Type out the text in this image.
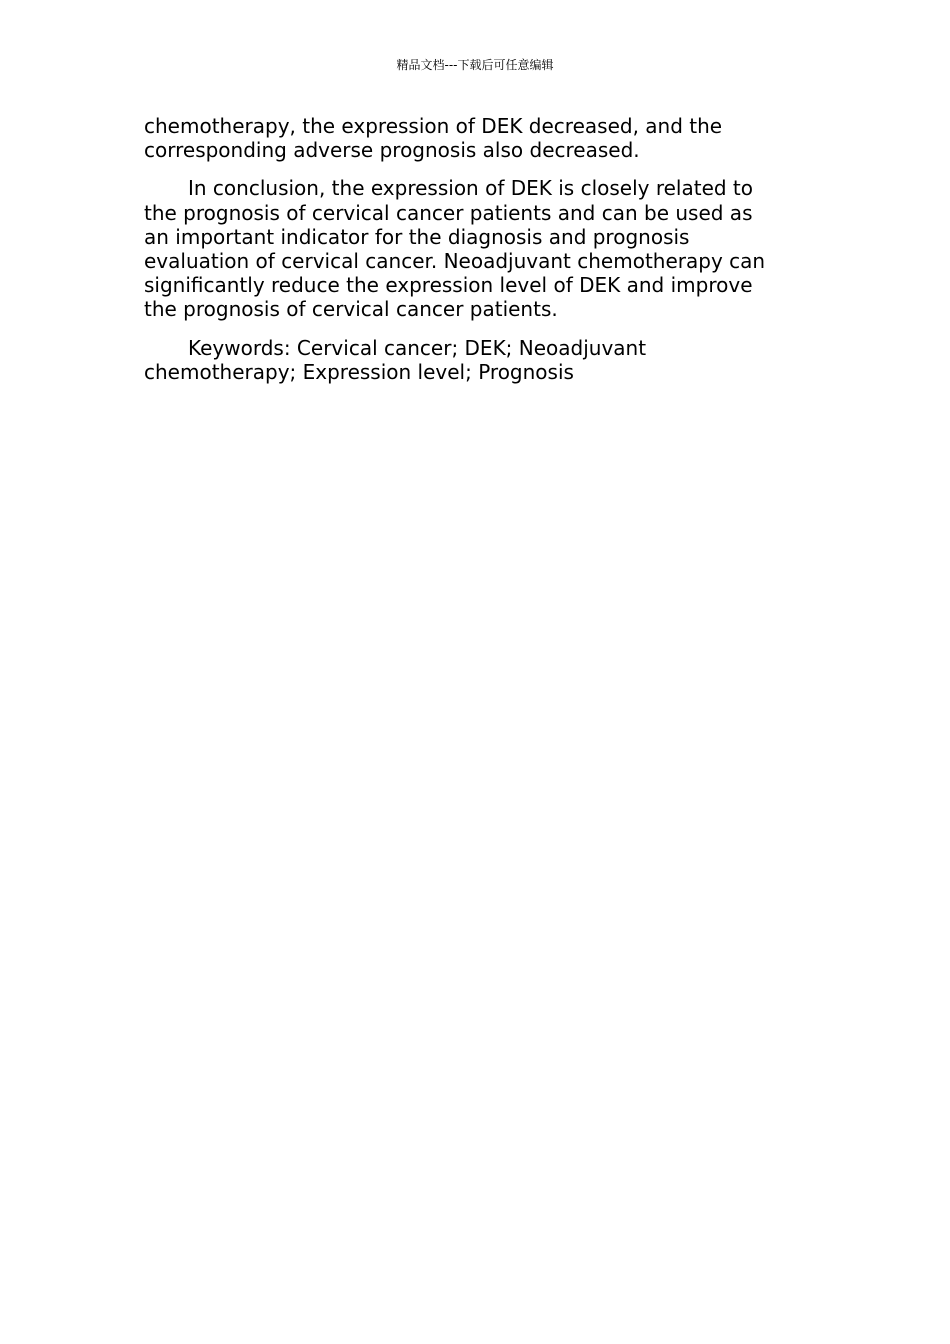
精品文档---下载后可任意编辑

chemotherapy, the expression of DEK decreased, and the
corresponding adverse prognosis also decreased.

In conclusion, the expression of DEK is closely related to
the prognosis of cervical cancer patients and can be used as
an important indicator for the diagnosis and prognosis
evaluation of cervical cancer. Neoadjuvant chemotherapy can
significantly reduce the expression level of DEK and improve
the prognosis of cervical cancer patients.

Keywords: Cervical cancer; DEK; Neoadjuvant
chemotherapy; Expression level; Prognosis
